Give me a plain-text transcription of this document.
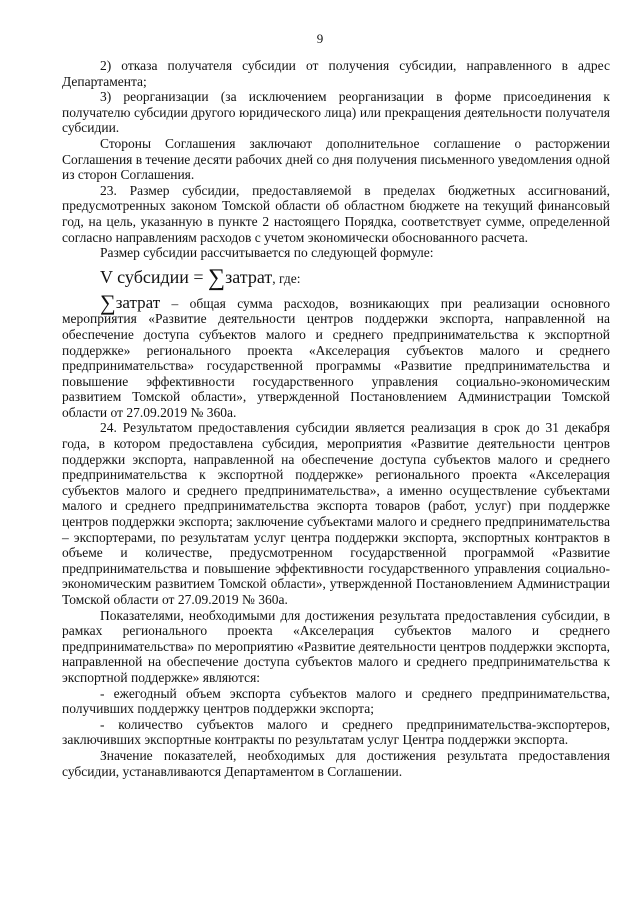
9

2) отказа получателя субсидии от получения субсидии, направленного в адрес Департамента;

3) реорганизации (за исключением реорганизации в форме присоединения к получателю субсидии другого юридического лица) или прекращения деятельности получателя субсидии.

Стороны Соглашения заключают дополнительное соглашение о расторжении Соглашения в течение десяти рабочих дней со дня получения письменного уведомления одной из сторон Соглашения.

23. Размер субсидии, предоставляемой в пределах бюджетных ассигнований, предусмотренных законом Томской области об областном бюджете на текущий финансовый год, на цель, указанную в пункте 2 настоящего Порядка, соответствует сумме, определенной согласно направлениям расходов с учетом экономически обоснованного расчета.

Размер субсидии рассчитывается по следующей формуле:

V субсидии = ∑затрат, где:

∑затрат – общая сумма расходов, возникающих при реализации основного мероприятия «Развитие деятельности центров поддержки экспорта, направленной на обеспечение доступа субъектов малого и среднего предпринимательства к экспортной поддержке» регионального проекта «Акселерация субъектов малого и среднего предпринимательства» государственной программы «Развитие предпринимательства и повышение эффективности государственного управления социально-экономическим развитием Томской области», утвержденной Постановлением Администрации Томской области от 27.09.2019 № 360а.

24. Результатом предоставления субсидии является реализация в срок до 31 декабря года, в котором предоставлена субсидия, мероприятия «Развитие деятельности центров поддержки экспорта, направленной на обеспечение доступа субъектов малого и среднего предпринимательства к экспортной поддержке» регионального проекта «Акселерация субъектов малого и среднего предпринимательства», а именно осуществление субъектами малого и среднего предпринимательства экспорта товаров (работ, услуг) при поддержке центров поддержки экспорта; заключение субъектами малого и среднего предпринимательства – экспортерами, по результатам услуг центра поддержки экспорта, экспортных контрактов в объеме и количестве, предусмотренном государственной программой «Развитие предпринимательства и повышение эффективности государственного управления социально-экономическим развитием Томской области», утвержденной Постановлением Администрации Томской области от 27.09.2019 № 360а.

Показателями, необходимыми для достижения результата предоставления субсидии, в рамках регионального проекта «Акселерация субъектов малого и среднего предпринимательства» по мероприятию «Развитие деятельности центров поддержки экспорта, направленной на обеспечение доступа субъектов малого и среднего предпринимательства к экспортной поддержке» являются:

- ежегодный объем экспорта субъектов малого и среднего предпринимательства, получивших поддержку центров поддержки экспорта;

- количество субъектов малого и среднего предпринимательства-экспортеров, заключивших экспортные контракты по результатам услуг Центра поддержки экспорта.

Значение показателей, необходимых для достижения результата предоставления субсидии, устанавливаются Департаментом в Соглашении.
